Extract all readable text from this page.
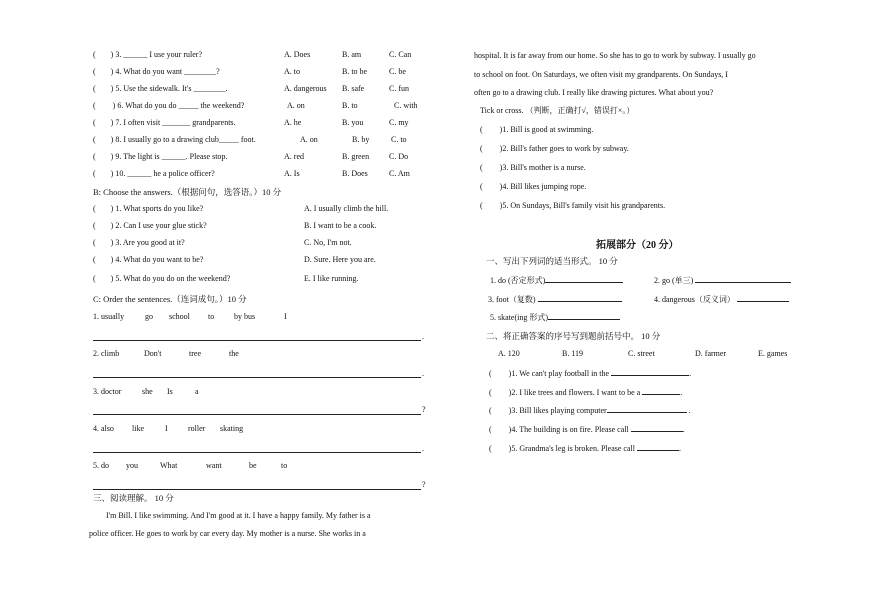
( ) 3. ______ I use your ruler?	A. Does	B. am	C. Can
( ) 4. What do you want ________?	A. to	B. to be	C. be
( ) 5. Use the sidewalk. It's ________.	A. dangerous B. safe	C. fun
( ) 6. What do you do _____ the weekend?	A. on	B. to	C. with
( ) 7. I often visit _______ grandparents.	A. he	B. you	C. my
( ) 8. I usually go to a drawing club_____ foot.	A. on	B. by	C. to
( ) 9. The light is ______. Please stop.	A. red	B. green C. Do
( ) 10. ______ he a police officer?	A. Is	B. Does	C. Am
B: Choose the answers.（根据问句，选答语。）10 分
( ) 1. What sports do you like?	A. I usually climb the hill.
( ) 2. Can I use your glue stick?	B. I want to be a cook.
( ) 3. Are you good at it?	C. No, I'm not.
( ) 4. What do you want to be?	D. Sure. Here you are.
( ) 5. What do you do on the weekend?	E. I like running.
C: Order the sentences.（连词成句。）10 分
1. usually	go school to by bus	I
.
2. climb	Don't	tree	the
.
3. doctor	she Is	a
?
4. also like	I	roller skating
.
5. do you	What	want	be	to
?
三、阅读理解。 10 分
I'm Bill. I like swimming. And I'm good at it. I have a happy family. My father is a
police officer. He goes to work by car every day. My mother is a nurse. She works in a
hospital. It is far away from our home. So she has to go to work by subway. I usually go
to school on foot. On Saturdays, we often visit my grandparents. On Sundays, I
often go to a drawing club. I really like drawing pictures. What about you?
Tick or cross. （判断，正确打√，错误打×。）
( )1. Bill is good at swimming.
( )2. Bill's father goes to work by subway.
( )3. Bill's mother is a nurse.
( )4. Bill likes jumping rope.
( )5. On Sundays, Bill's family visit his grandparents.
拓展部分（20 分）
一、写出下列词的适当形式。 10 分
1. do (否定形式)	2. go (单三)
3. foot（复数)	4. dangerous（反义词）
5. skate(ing 形式)
二、将正确答案的序号写到题前括号中。 10 分
A. 120	B. 119	C. street	D. farmer	E. games
( )1. We can't play football in the	.
( )2. I like trees and flowers. I want to be a	.
( )3. Bill likes playing computer	.
( )4. The building is on fire. Please call	.
( )5. Grandma's leg is broken. Please call	.
